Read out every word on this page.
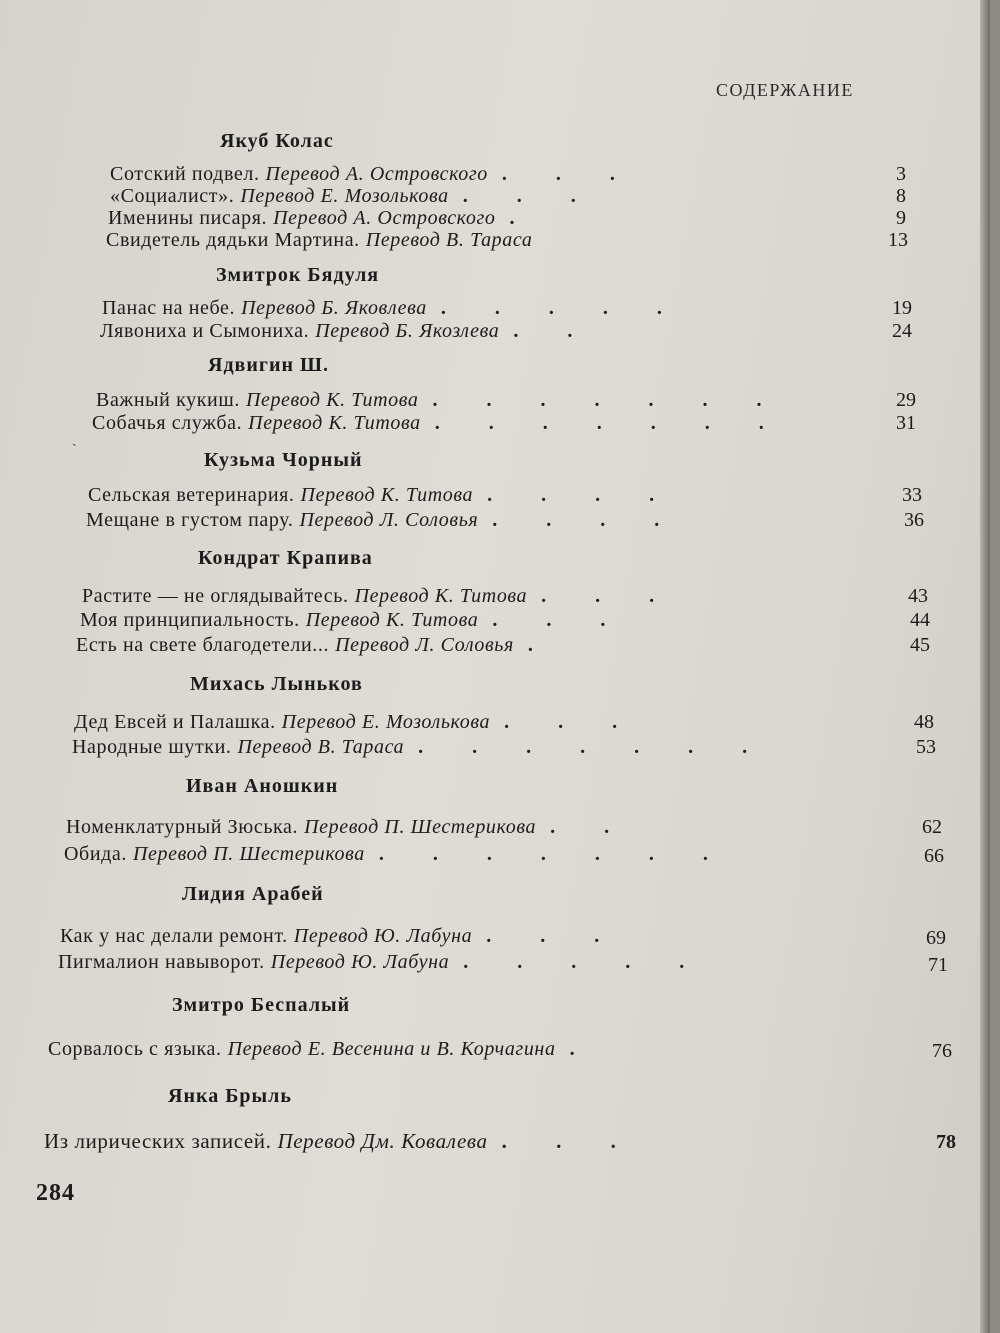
СОДЕРЖАНИЕ
Якуб Колас
Сотский подвел. Перевод А. Островского . . .	3
«Социалист». Перевод Е. Мозолькова . . .	8
Именины писаря. Перевод А. Островского .	9
Свидетель дядьки Мартина. Перевод В. Тараса	13
Змитрок Бядуля
Панас на небе. Перевод Б. Яковлева . . . . .	19
Лявониха и Сымониха. Перевод Б. Якозлева . .	24
Ядвигин Ш.
Важный кукиш. Перевод К. Титова . . . . . . .	29
Собачья служба. Перевод К. Титова . . . . . . .	31
ˏ
Кузьма Чорный
Сельская ветеринария. Перевод К. Титова . . . .	33
Мещане в густом пару. Перевод Л. Соловья . . . .	36
Кондрат Крапива
Растите — не оглядывайтесь. Перевод К. Титова . . .	43
Моя принципиальность. Перевод К. Титова . . .	44
Есть на свете благодетели... Перевод Л. Соловья .	45
Михась Лыньков
Дед Евсей и Палашка. Перевод Е. Мозолькова . . .	48
Народные шутки. Перевод В. Тараса . . . . . . .	53
Иван Аношкин
Номенклатурный Зюська. Перевод П. Шестерикова . .	62
Обида. Перевод П. Шестерикова . . . . . . .	66
Лидия Арабей
Как у нас делали ремонт. Перевод Ю. Лабуна . . .	69
Пигмалион навыворот. Перевод Ю. Лабуна . . . . .	71
Змитро Беспалый
Сорвалось с языка. Перевод Е. Весенина и В. Корчагина .	76
Янка Брыль
Из лирических записей. Перевод Дм. Ковалева . . .	78
284
